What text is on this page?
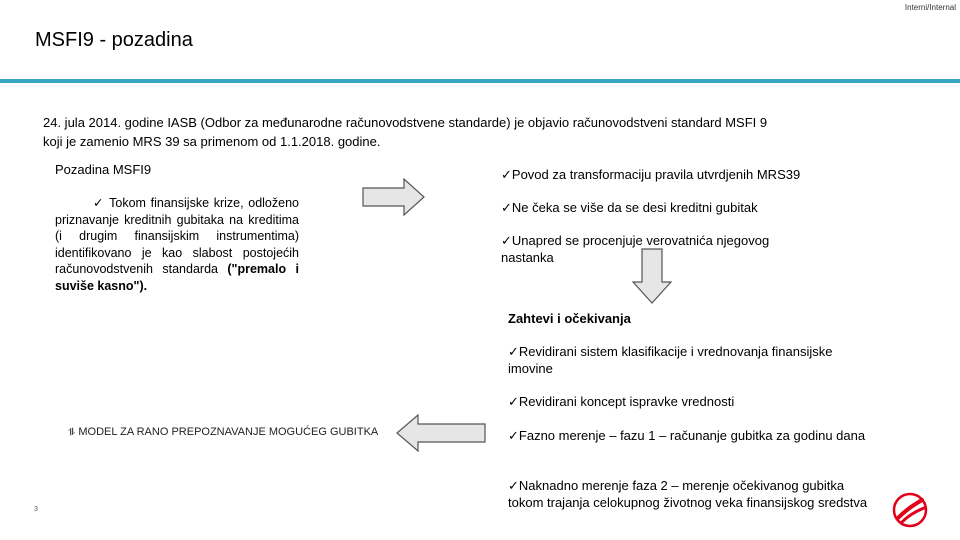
Interni/Internal
MSFI9 - pozadina
24. jula 2014. godine IASB (Odbor za međunarodne računovodstvene standarde) je objavio računovodstveni standard MSFI 9
koji je zamenio MRS 39 sa primenom od 1.1.2018. godine.
Pozadina MSFI9
✓ Tokom finansijske krize, odloženo priznavanje kreditnih gubitaka na kreditima (i drugim finansijskim instrumentima) identifikovano je kao slabost postojećih računovodstvenih standarda ("premalo i suviše kasno").
✓Povod za transformaciju pravila utvrdjenih MRS39
✓Ne čeka se više da se desi kreditni gubitak
✓Unapred se procenjuje verovatnića njegovog nastanka
Zahtevi i očekivanja
✓Revidirani sistem klasifikacije i vrednovanja finansijske imovine
✓Revidirani koncept ispravke vrednosti
✓Fazno merenje – fazu 1 – računanje gubitka za godinu dana
✓Naknadno merenje faza 2 – merenje očekivanog gubitka tokom trajanja celokupnog životnog veka finansijskog sredstva
⥮ MODEL ZA RANO PREPOZNAVANJE MOGUĆEG GUBITKA
3
